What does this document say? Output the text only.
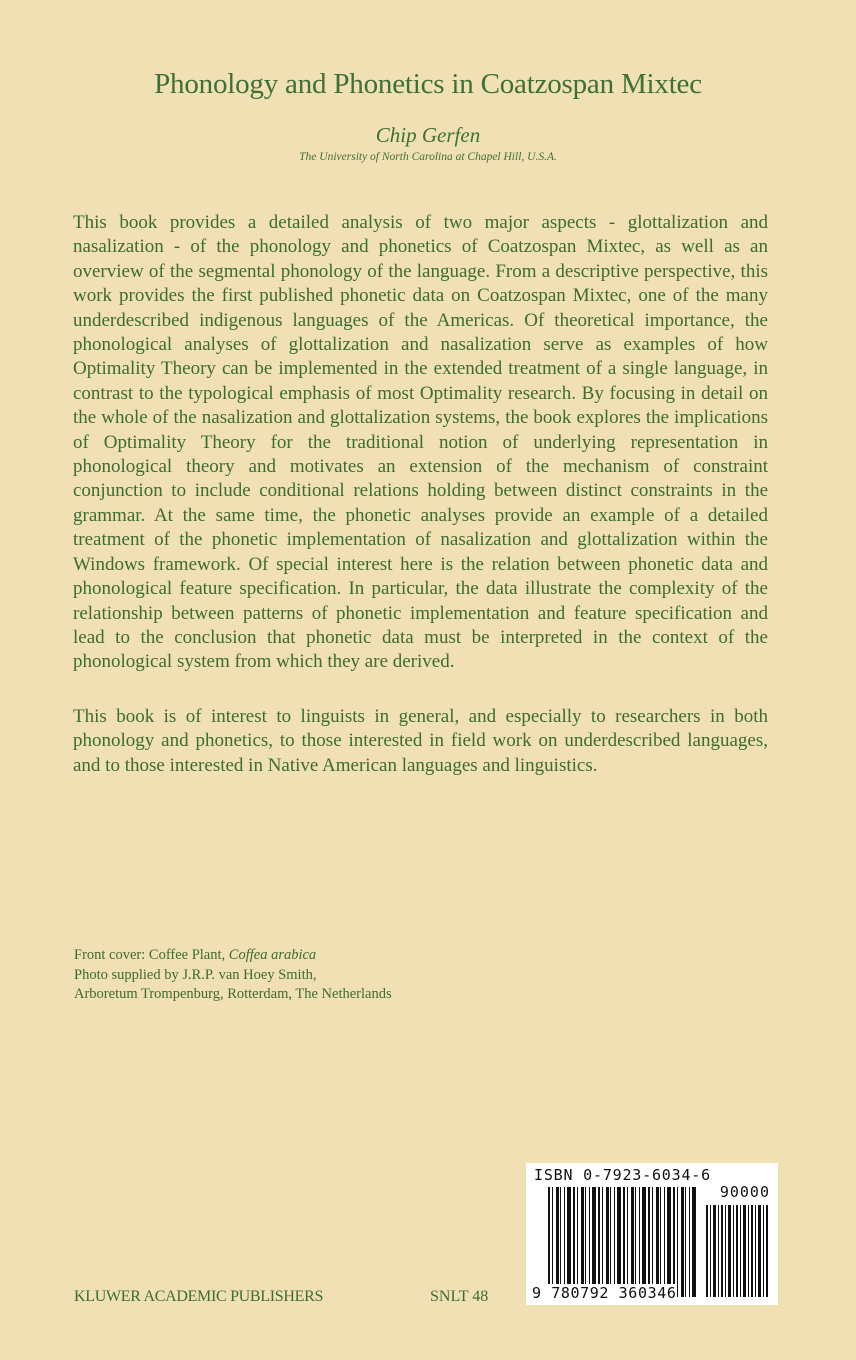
Phonology and Phonetics in Coatzospan Mixtec
Chip Gerfen
The University of North Carolina at Chapel Hill, U.S.A.

This book provides a detailed analysis of two major aspects - glottalization and nasalization - of the phonology and phonetics of Coatzospan Mixtec, as well as an overview of the segmental phonology of the language. From a descriptive perspective, this work provides the first published phonetic data on Coatzospan Mixtec, one of the many underdescribed indigenous languages of the Americas. Of theoretical importance, the phonological analyses of glottalization and nasalization serve as examples of how Optimality Theory can be implemented in the extended treatment of a single language, in contrast to the typological emphasis of most Optimality research. By focusing in detail on the whole of the nasalization and glottalization systems, the book explores the implications of Optimality Theory for the traditional notion of underlying representation in phonological theory and motivates an extension of the mechanism of constraint conjunction to include conditional relations holding between distinct constraints in the grammar. At the same time, the phonetic analyses provide an example of a detailed treatment of the phonetic implementation of nasalization and glottalization within the Windows framework. Of special interest here is the relation between phonetic data and phonological feature specification. In particular, the data illustrate the complexity of the relationship between patterns of phonetic implementation and feature specification and lead to the conclusion that phonetic data must be interpreted in the context of the phonological system from which they are derived.

This book is of interest to linguists in general, and especially to researchers in both phonology and phonetics, to those interested in field work on underdescribed languages, and to those interested in Native American languages and linguistics.

Front cover: Coffee Plant, Coffea arabica
Photo supplied by J.R.P. van Hoey Smith,
Arboretum Trompenburg, Rotterdam, The Netherlands
KLUWER ACADEMIC PUBLISHERS	SNLT 48
ISBN 0-7923-6034-6
90000
9 780792 360346
